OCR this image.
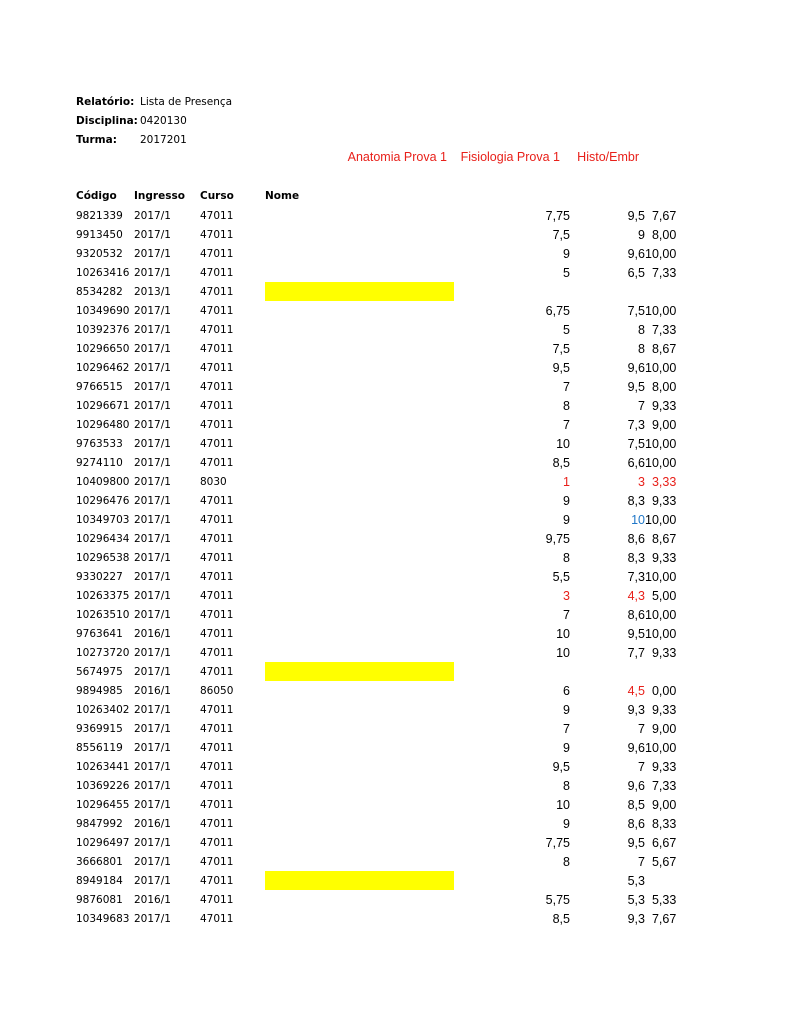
Relatório: Lista de Presença
Disciplina: 0420130
Turma:	2017201
Anatomia Prova 1 Fisiologia Prova 1 Histo/Embr
Código	Ingresso	Curso	Nome			
9821339	2017/1	47011		7,75	9,5	7,67
9913450	2017/1	47011		7,5	9	8,00
9320532	2017/1	47011		9	9,6	10,00
10263416	2017/1	47011		5	6,5	7,33
8534282	2013/1	47011				
10349690	2017/1	47011		6,75	7,5	10,00
10392376	2017/1	47011		5	8	7,33
10296650	2017/1	47011		7,5	8	8,67
10296462	2017/1	47011		9,5	9,6	10,00
9766515	2017/1	47011		7	9,5	8,00
10296671	2017/1	47011		8	7	9,33
10296480	2017/1	47011		7	7,3	9,00
9763533	2017/1	47011		10	7,5	10,00
9274110	2017/1	47011		8,5	6,6	10,00
10409800	2017/1	8030		1	3	3,33
10296476	2017/1	47011		9	8,3	9,33
10349703	2017/1	47011		9	10	10,00
10296434	2017/1	47011		9,75	8,6	8,67
10296538	2017/1	47011		8	8,3	9,33
9330227	2017/1	47011		5,5	7,3	10,00
10263375	2017/1	47011		3	4,3	5,00
10263510	2017/1	47011		7	8,6	10,00
9763641	2016/1	47011		10	9,5	10,00
10273720	2017/1	47011		10	7,7	9,33
5674975	2017/1	47011				
9894985	2016/1	86050		6	4,5	0,00
10263402	2017/1	47011		9	9,3	9,33
9369915	2017/1	47011		7	7	9,00
8556119	2017/1	47011		9	9,6	10,00
10263441	2017/1	47011		9,5	7	9,33
10369226	2017/1	47011		8	9,6	7,33
10296455	2017/1	47011		10	8,5	9,00
9847992	2016/1	47011		9	8,6	8,33
10296497	2017/1	47011		7,75	9,5	6,67
3666801	2017/1	47011		8	7	5,67
8949184	2017/1	47011			5,3	
9876081	2016/1	47011		5,75	5,3	5,33
10349683	2017/1	47011		8,5	9,3	7,67
